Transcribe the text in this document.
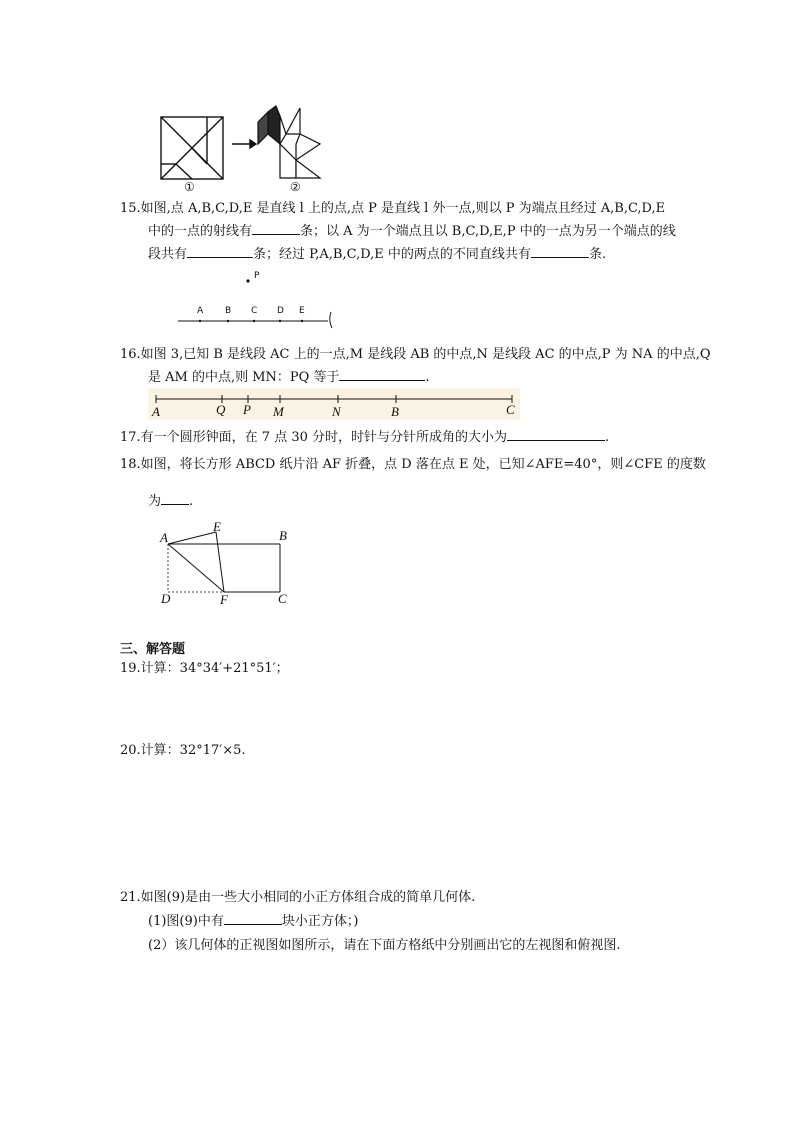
①	②
15.如图,点 A,B,C,D,E 是直线 l 上的点,点 P 是直线 l 外一点,则以 P 为端点且经过 A,B,C,D,E
中的一点的射线有	条；以 A 为一个端点且以 B,C,D,E,P 中的一点为另一个端点的线
段共有	条；经过 P,A,B,C,D,E 中的两点的不同直线共有	条.
P
A B C D E
16.如图 3,已知 B 是线段 AC 上的一点,M 是线段 AB 的中点,N 是线段 AC 的中点,P 为 NA 的中点,Q
是 AM 的中点,则 MN：PQ 等于	.
A	Q P M	N	B	C
17.有一个圆形钟面，在 7 点 30 分时，时针与分针所成角的大小为	.
18.如图，将长方形 ABCD 纸片沿 AF 折叠，点 D 落在点 E 处，已知∠AFE=40°，则∠CFE 的度数
为 .
A
E
B
D	F	C
三、解答题
19.计算：34°34′+21°51′；
20.计算：32°17′×5.
21.如图(9)是由一些大小相同的小正方体组合成的简单几何体.
(1)图(9)中有	块小正方体；)
(2）该几何体的正视图如图所示，请在下面方格纸中分别画出它的左视图和俯视图.
